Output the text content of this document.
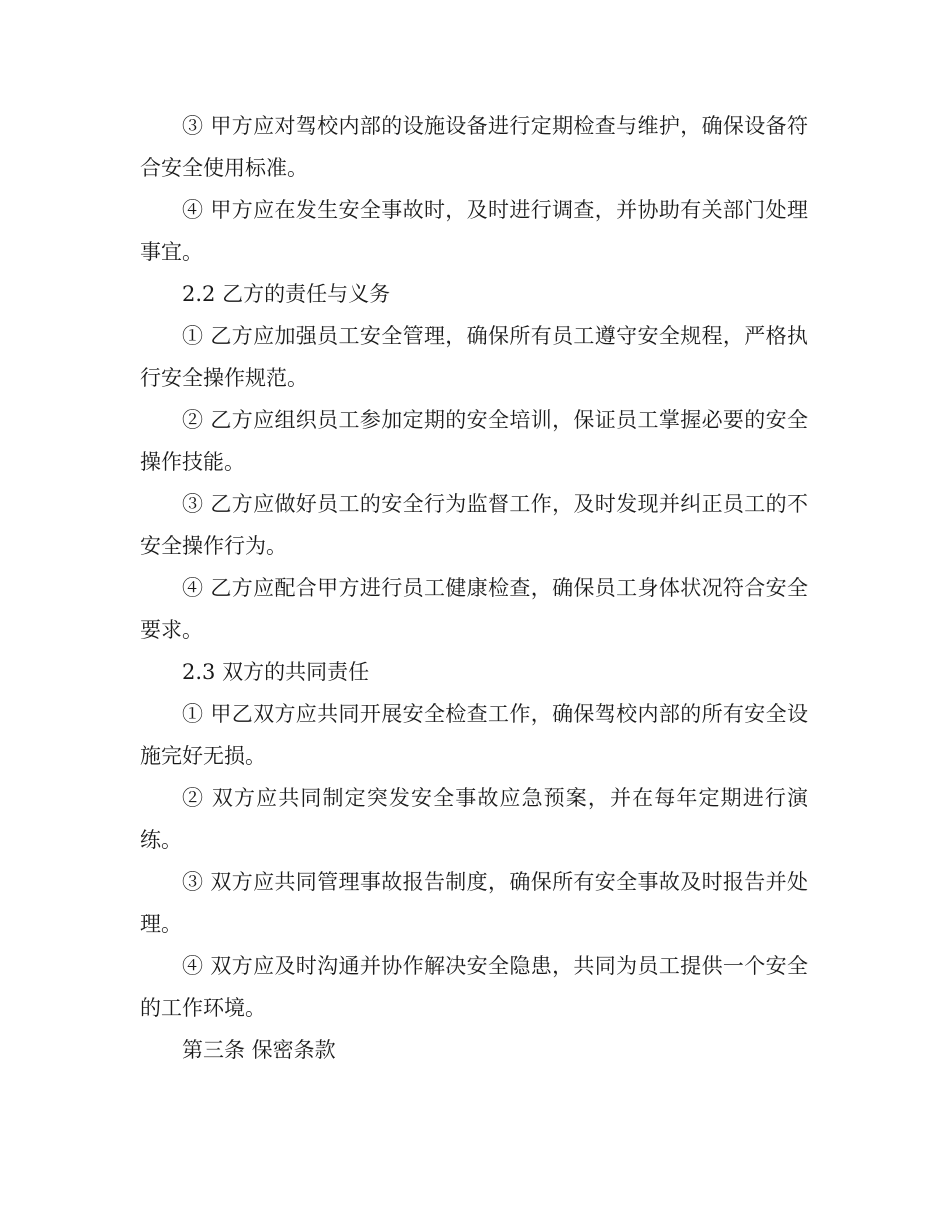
③ 甲方应对驾校内部的设施设备进行定期检查与维护，确保设备符合安全使用标准。

④ 甲方应在发生安全事故时，及时进行调查，并协助有关部门处理事宜。

2.2 乙方的责任与义务

① 乙方应加强员工安全管理，确保所有员工遵守安全规程，严格执行安全操作规范。

② 乙方应组织员工参加定期的安全培训，保证员工掌握必要的安全操作技能。

③ 乙方应做好员工的安全行为监督工作，及时发现并纠正员工的不安全操作行为。

④ 乙方应配合甲方进行员工健康检查，确保员工身体状况符合安全要求。

2.3 双方的共同责任

① 甲乙双方应共同开展安全检查工作，确保驾校内部的所有安全设施完好无损。

② 双方应共同制定突发安全事故应急预案，并在每年定期进行演练。

③ 双方应共同管理事故报告制度，确保所有安全事故及时报告并处理。

④ 双方应及时沟通并协作解决安全隐患，共同为员工提供一个安全的工作环境。

第三条 保密条款
